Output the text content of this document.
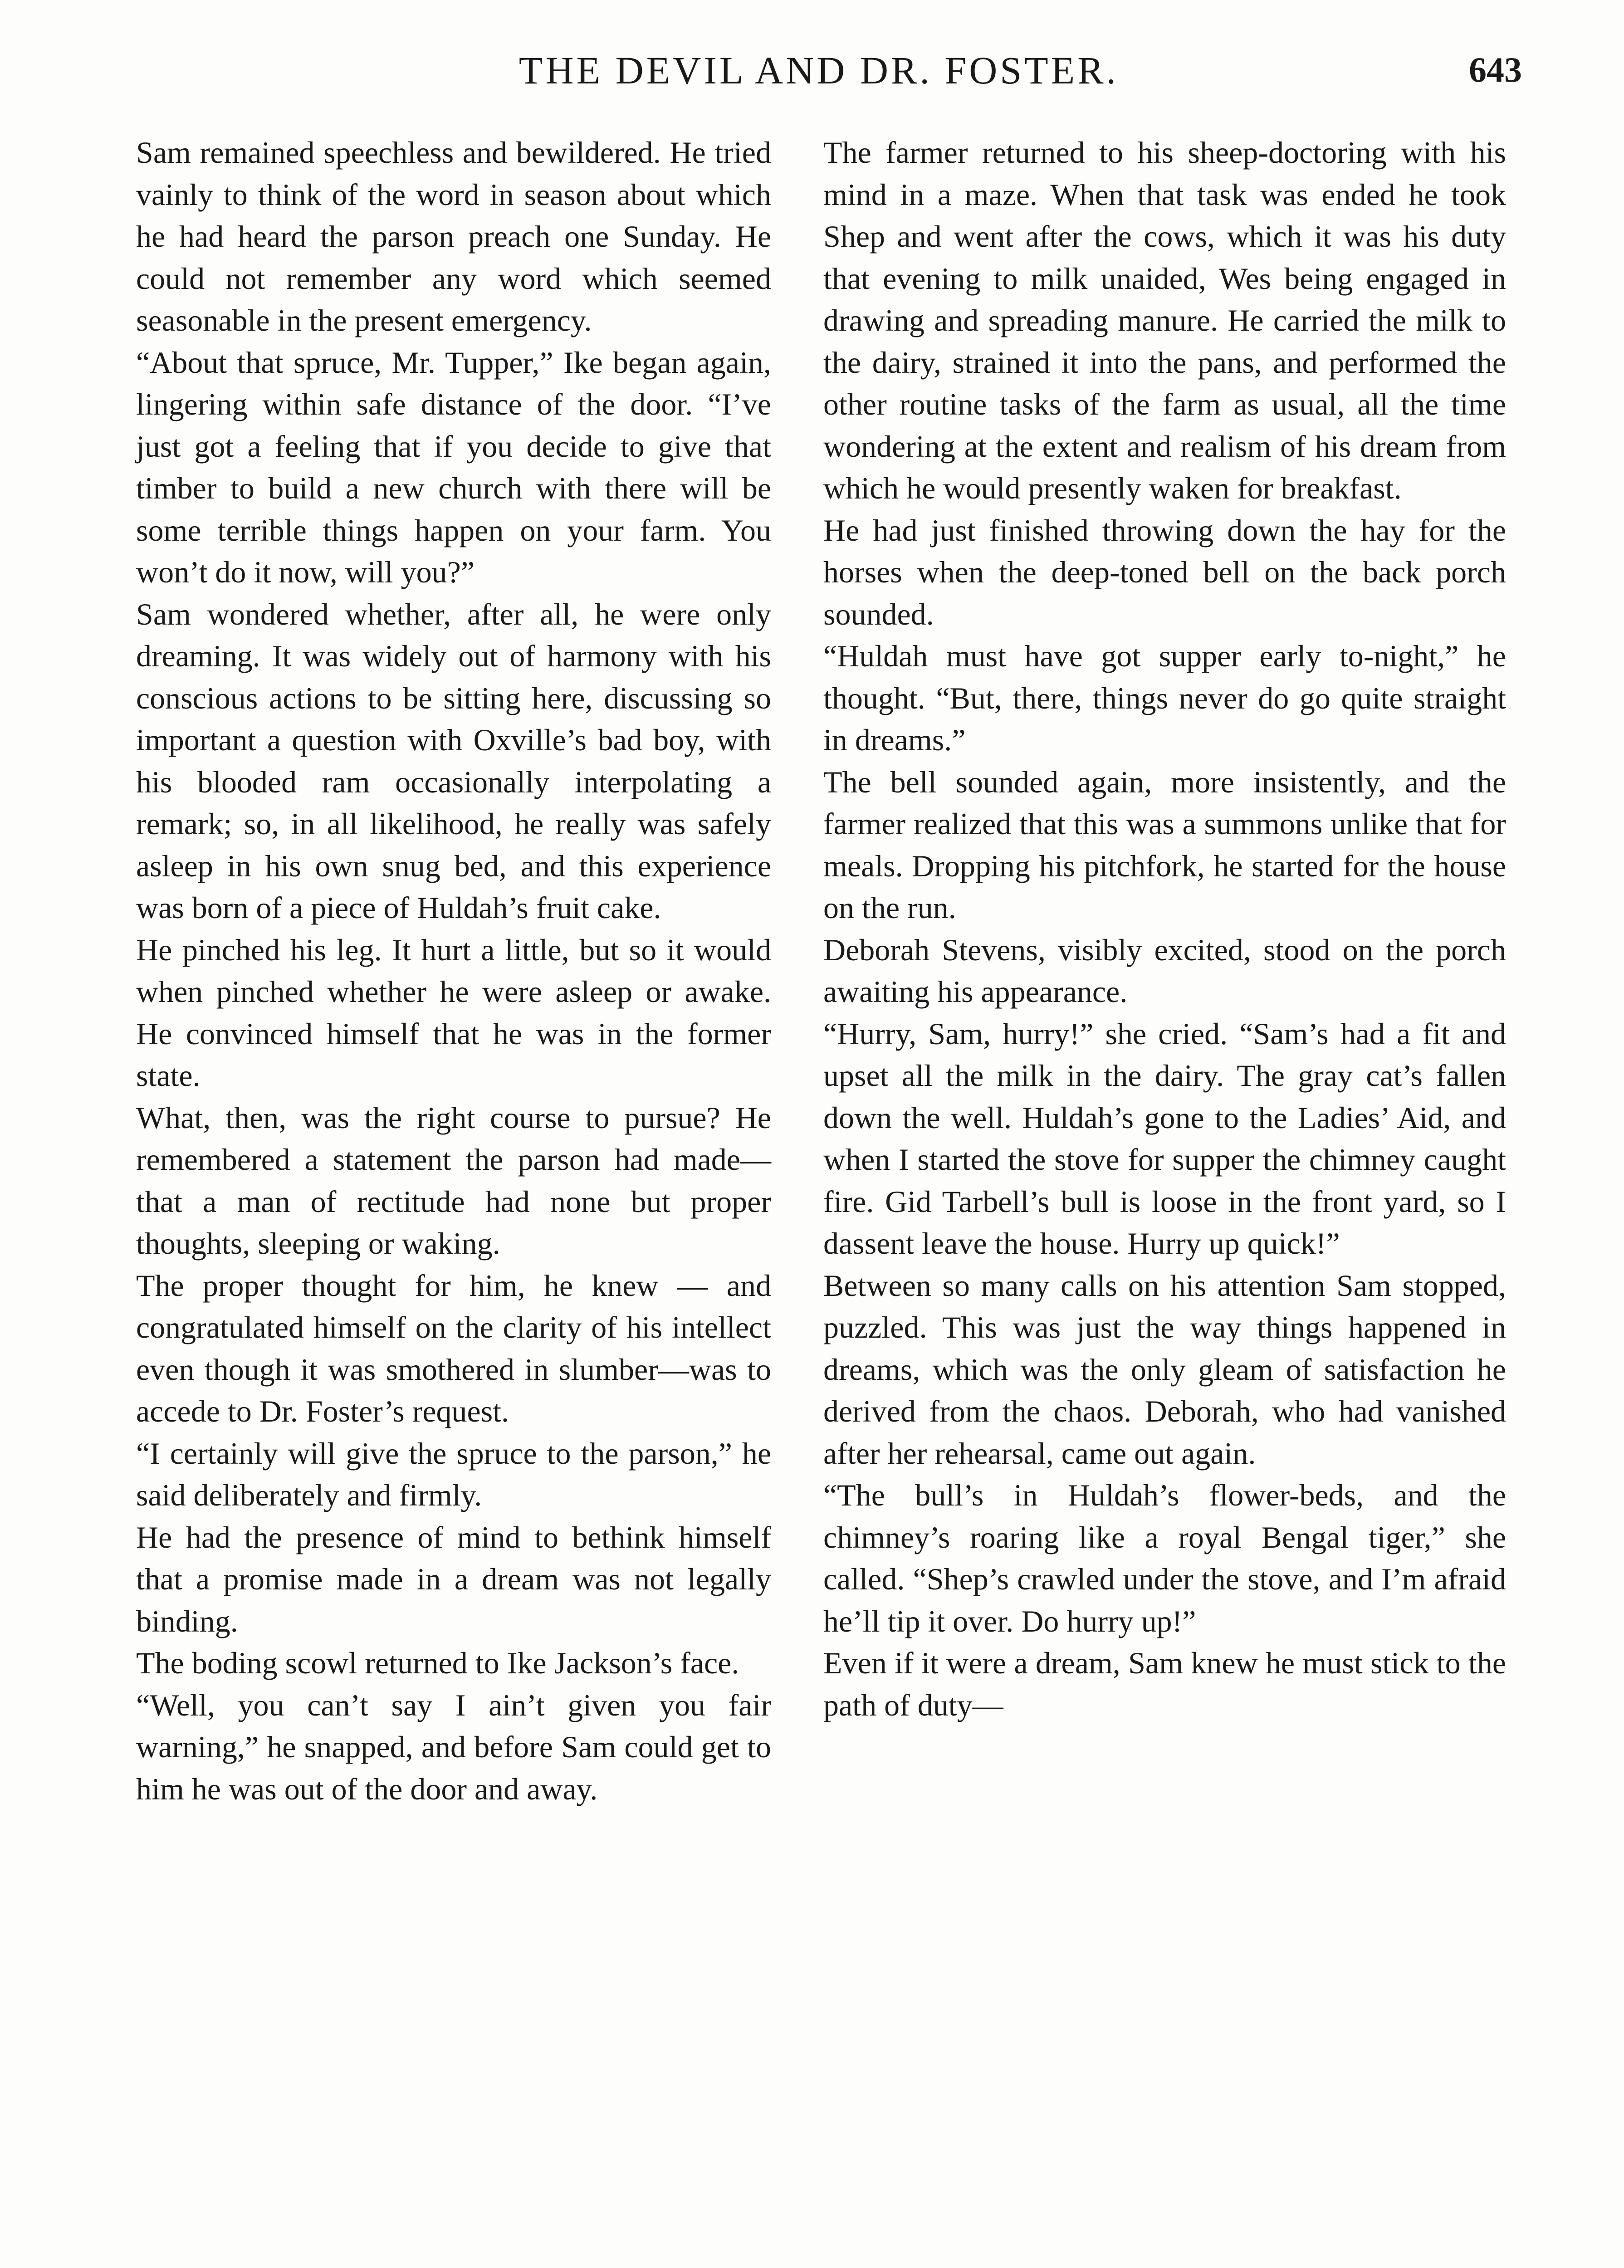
THE DEVIL AND DR. FOSTER.	643

Sam remained speechless and bewildered. He tried vainly to think of the word in season about which he had heard the parson preach one Sunday. He could not remember any word which seemed seasonable in the present emergency.

“About that spruce, Mr. Tupper,” Ike began again, lingering within safe distance of the door. “I’ve just got a feeling that if you decide to give that timber to build a new church with there will be some terrible things happen on your farm. You won’t do it now, will you?”

Sam wondered whether, after all, he were only dreaming. It was widely out of harmony with his conscious actions to be sitting here, discussing so important a question with Oxville’s bad boy, with his blooded ram occasionally interpolating a remark; so, in all likelihood, he really was safely asleep in his own snug bed, and this experience was born of a piece of Huldah’s fruit cake.

He pinched his leg. It hurt a little, but so it would when pinched whether he were asleep or awake. He convinced himself that he was in the former state.

What, then, was the right course to pursue? He remembered a statement the parson had made—that a man of rectitude had none but proper thoughts, sleeping or waking.

The proper thought for him, he knew — and congratulated himself on the clarity of his intellect even though it was smothered in slumber—was to accede to Dr. Foster’s request.

“I certainly will give the spruce to the parson,” he said deliberately and firmly.

He had the presence of mind to bethink himself that a promise made in a dream was not legally binding.

The boding scowl returned to Ike Jackson’s face.

“Well, you can’t say I ain’t given you fair warning,” he snapped, and before Sam could get to him he was out of the door and away.

The farmer returned to his sheep-doctoring with his mind in a maze. When that task was ended he took Shep and went after the cows, which it was his duty that evening to milk unaided, Wes being engaged in drawing and spreading manure. He carried the milk to the dairy, strained it into the pans, and performed the other routine tasks of the farm as usual, all the time wondering at the extent and realism of his dream from which he would presently waken for breakfast.

He had just finished throwing down the hay for the horses when the deep-toned bell on the back porch sounded.

“Huldah must have got supper early to-night,” he thought. “But, there, things never do go quite straight in dreams.”

The bell sounded again, more insistently, and the farmer realized that this was a summons unlike that for meals. Dropping his pitchfork, he started for the house on the run.

Deborah Stevens, visibly excited, stood on the porch awaiting his appearance.

“Hurry, Sam, hurry!” she cried. “Sam’s had a fit and upset all the milk in the dairy. The gray cat’s fallen down the well. Huldah’s gone to the Ladies’ Aid, and when I started the stove for supper the chimney caught fire. Gid Tarbell’s bull is loose in the front yard, so I dassent leave the house. Hurry up quick!”

Between so many calls on his attention Sam stopped, puzzled. This was just the way things happened in dreams, which was the only gleam of satisfaction he derived from the chaos. Deborah, who had vanished after her rehearsal, came out again.

“The bull’s in Huldah’s flower-beds, and the chimney’s roaring like a royal Bengal tiger,” she called. “Shep’s crawled under the stove, and I’m afraid he’ll tip it over. Do hurry up!”

Even if it were a dream, Sam knew he must stick to the path of duty—
